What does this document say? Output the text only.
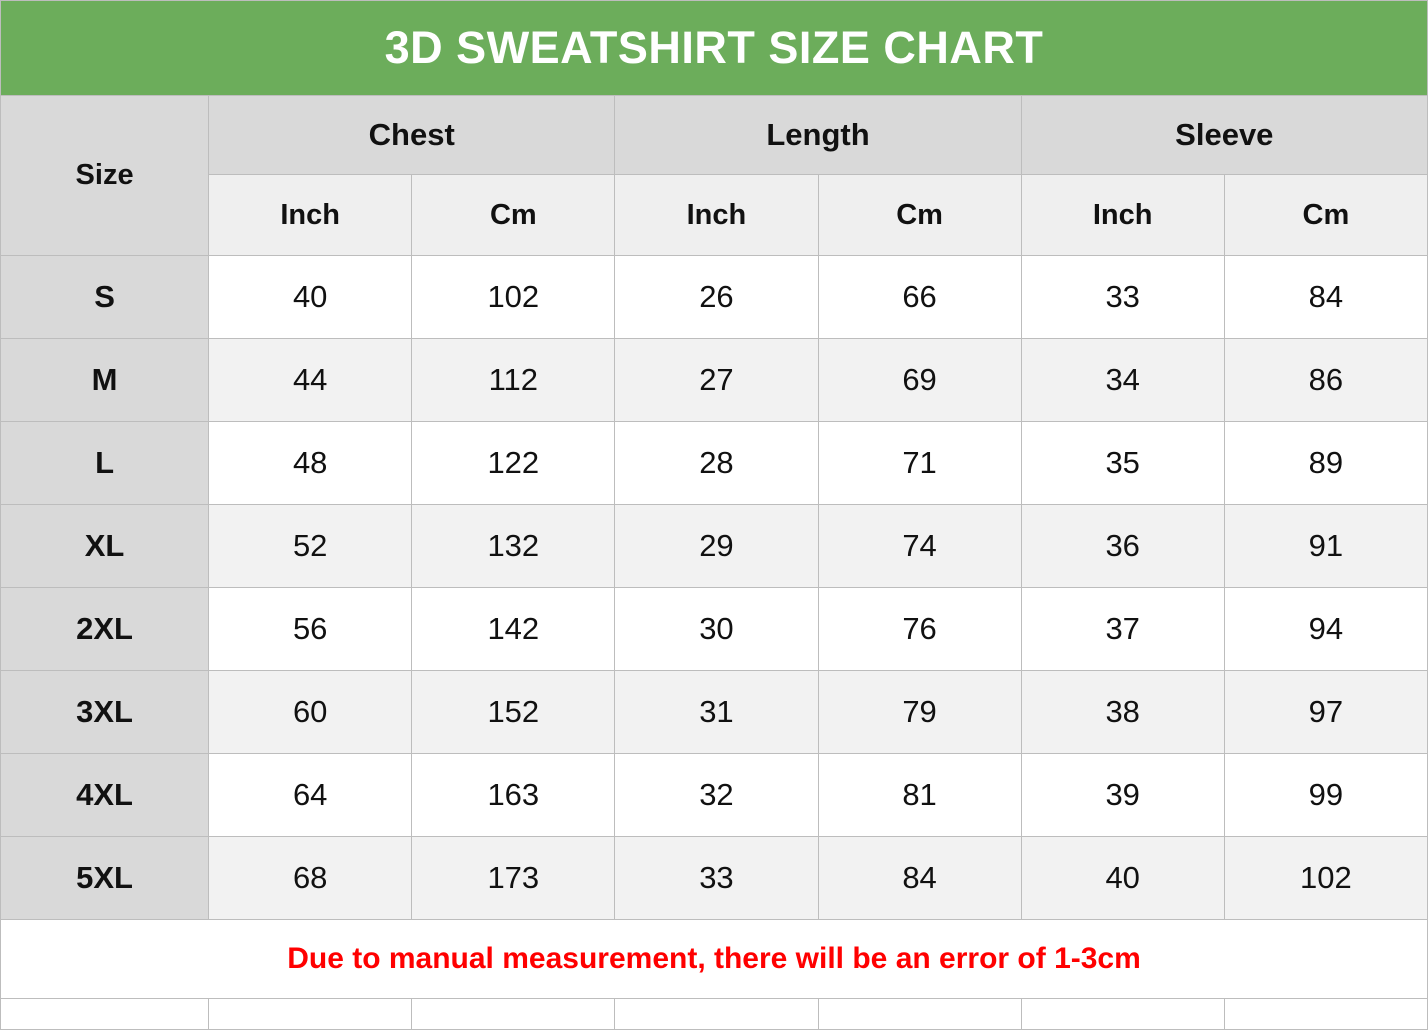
3D SWEATSHIRT SIZE CHART						
Size	Chest		Length		Sleeve	
	Inch	Cm	Inch	Cm	Inch	Cm
S	40	102	26	66	33	84
M	44	112	27	69	34	86
L	48	122	28	71	35	89
XL	52	132	29	74	36	91
2XL	56	142	30	76	37	94
3XL	60	152	31	79	38	97
4XL	64	163	32	81	39	99
5XL	68	173	33	84	40	102
Due to manual measurement, there will be an error of 1-3cm						
